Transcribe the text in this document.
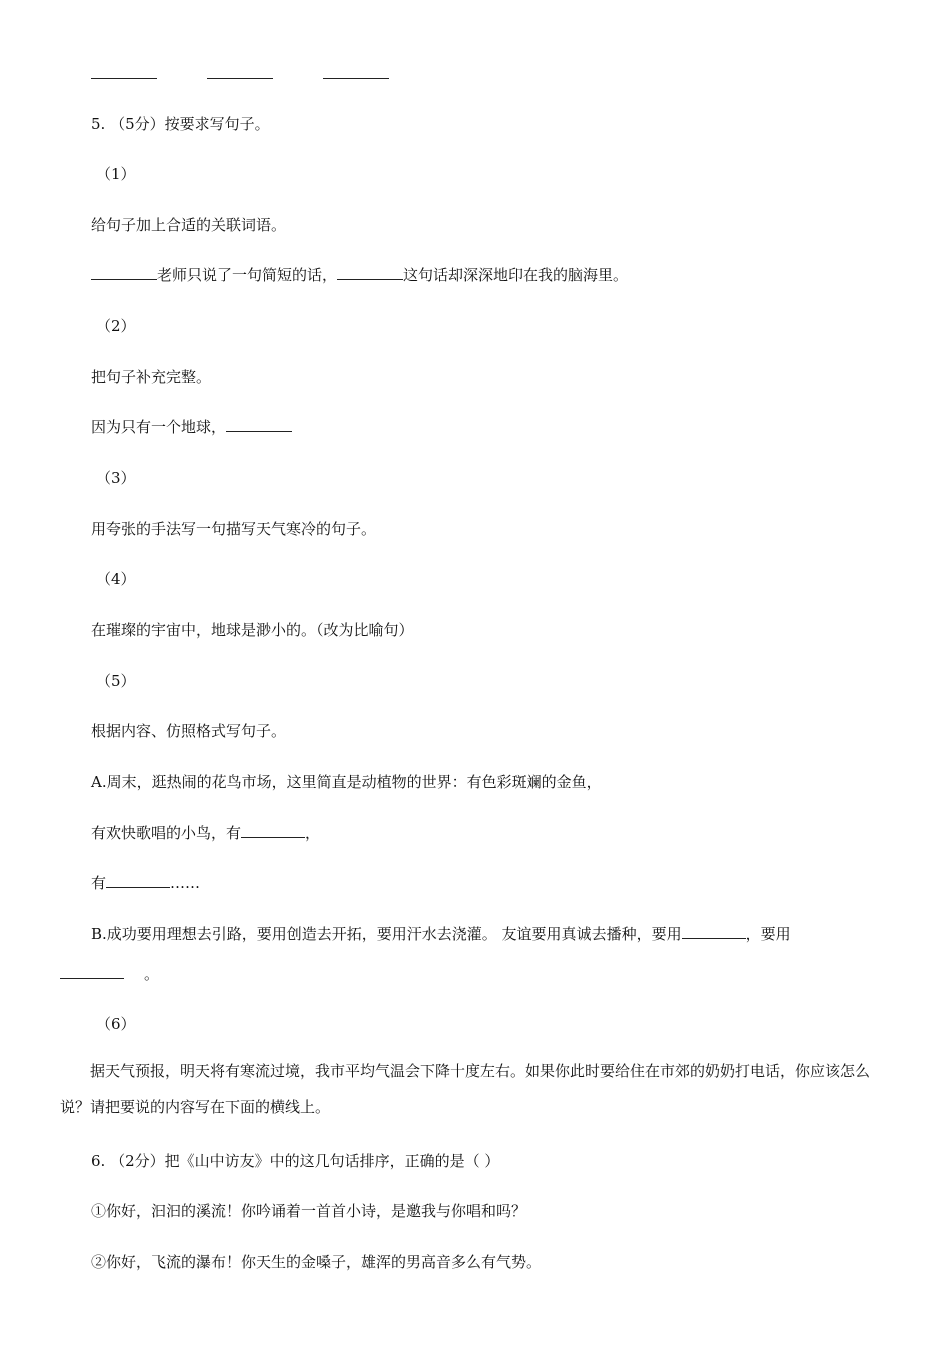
5. （5分）按要求写句子。
（1）
给句子加上合适的关联词语。
老师只说了一句简短的话，	这句话却深深地印在我的脑海里。
（2）
把句子补充完整。
因为只有一个地球，
（3）
用夸张的手法写一句描写天气寒冷的句子。
（4）
在璀璨的宇宙中，地球是渺小的。（改为比喻句）
（5）
根据内容、仿照格式写句子。
A.周末，逛热闹的花鸟市场，这里简直是动植物的世界：有色彩斑斓的金鱼，
有欢快歌唱的小鸟，有	，
有	……
B.成功要用理想去引路，要用创造去开拓，要用汗水去浇灌。 友谊要用真诚去播种，要用	，要用
。
（6）
据天气预报，明天将有寒流过境，我市平均气温会下降十度左右。如果你此时要给住在市郊的奶奶打电话，你应该怎么说？请把要说的内容写在下面的横线上。
6. （2分）把《山中访友》中的这几句话排序，正确的是（ ）
①你好，汩汩的溪流！你吟诵着一首首小诗，是邀我与你唱和吗？
②你好，飞流的瀑布！你天生的金嗓子，雄浑的男高音多么有气势。
